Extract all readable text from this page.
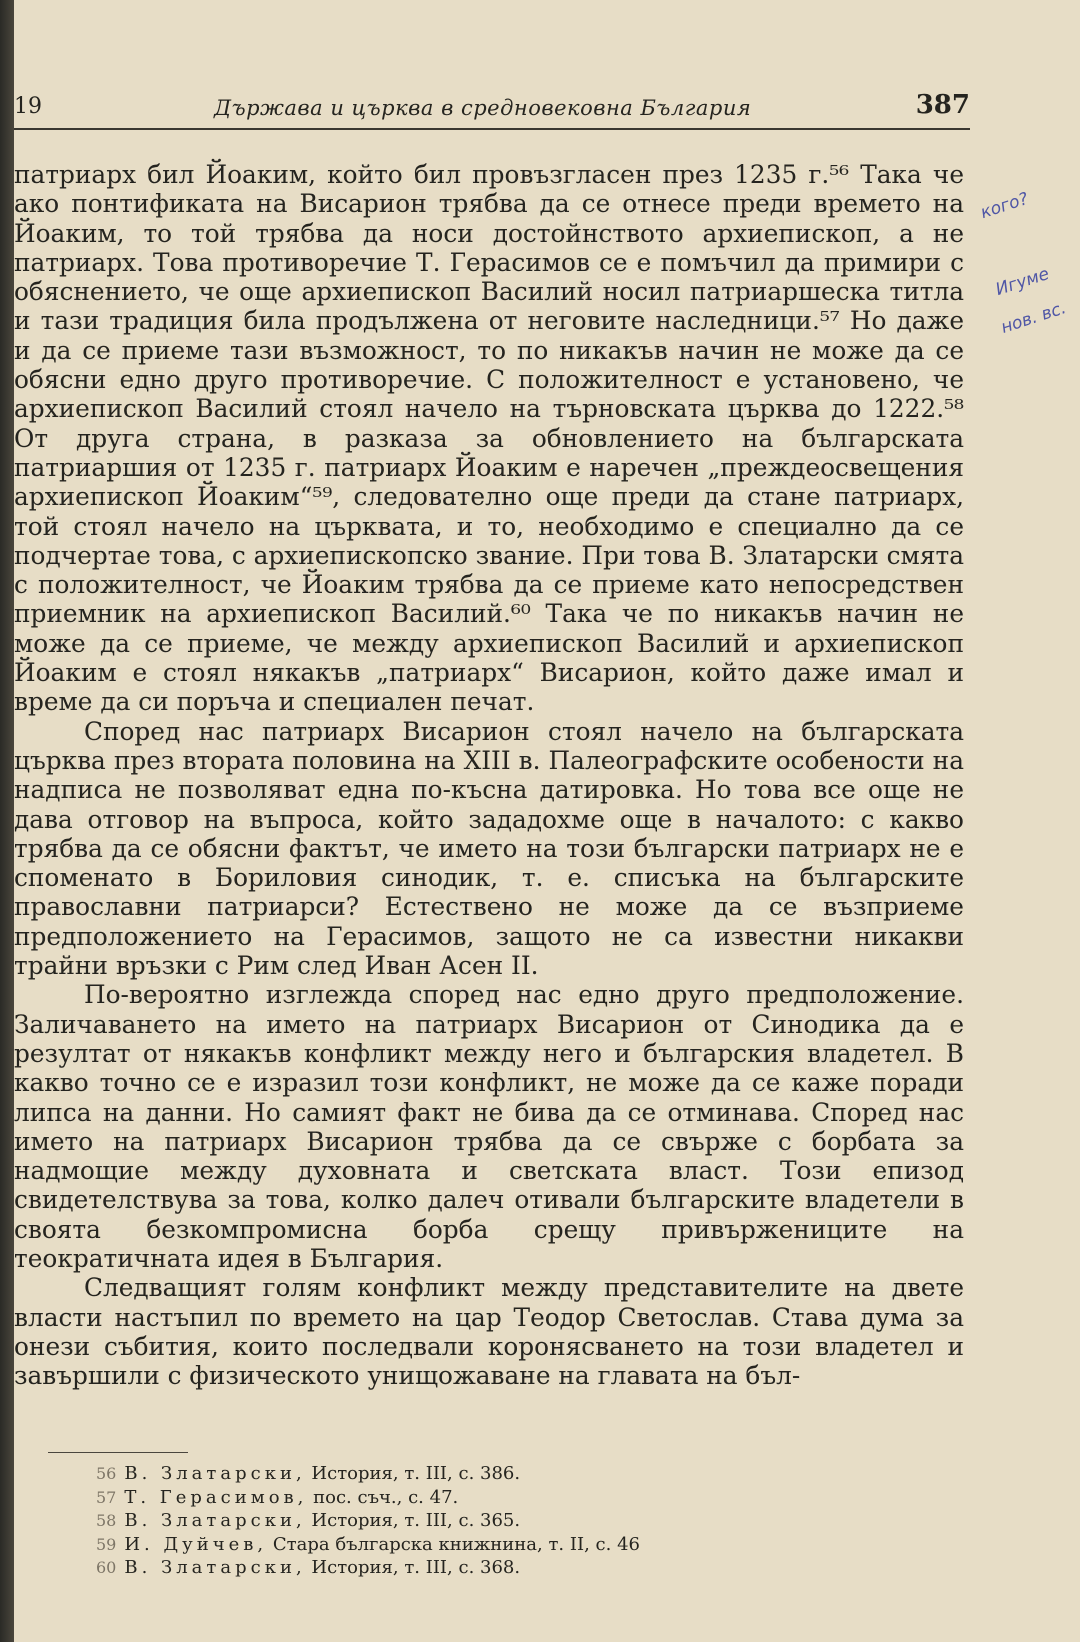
19	Държава и църква в средновековна България	387

патриарх бил Йоаким, който бил провъзгласен през 1235 г.⁵⁶ Така че ако понтификата на Висарион трябва да се отнесе преди времето на Йоаким, то той трябва да носи достойнството архиепископ, а не патриарх. Това противоречие Т. Герасимов се е помъчил да примири с обяснението, че още архиепископ Василий носил патриаршеска титла и тази традиция била продължена от неговите наследници.⁵⁷ Но даже и да се приеме тази възможност, то по никакъв начин не може да се обясни едно друго противоречие. С положителност е установено, че архиепископ Василий стоял начело на търновската църква до 1222.⁵⁸ От друга страна, в разказа за обновлението на българската патриаршия от 1235 г. патриарх Йоаким е наречен „преждеосвещения архиепископ Йоаким“⁵⁹, следователно още преди да стане патриарх, той стоял начело на църквата, и то, необходимо е специално да се подчертае това, с архиепископско звание. При това В. Златарски смята с положителност, че Йоаким трябва да се приеме като непосредствен приемник на архиепископ Василий.⁶⁰ Така че по никакъв начин не може да се приеме, че между архиепископ Василий и архиепископ Йоаким е стоял някакъв „патриарх“ Висарион, който даже имал и време да си поръча и специален печат.

Според нас патриарх Висарион стоял начело на българската църква през втората половина на XIII в. Палеографските особености на надписа не позволяват една по-късна датировка. Но това все още не дава отговор на въпроса, който зададохме още в началото: с какво трябва да се обясни фактът, че името на този български патриарх не е споменато в Бориловия синодик, т. е. списъка на българските православни патриарси? Естествено не може да се възприеме предположението на Герасимов, защото не са известни никакви трайни връзки с Рим след Иван Асен II.

По-вероятно изглежда според нас едно друго предположение. Заличаването на името на патриарх Висарион от Синодика да е резултат от някакъв конфликт между него и българския владетел. В какво точно се е изразил този конфликт, не може да се каже поради липса на данни. Но самият факт не бива да се отминава. Според нас името на патриарх Висарион трябва да се свърже с борбата за надмощие между духовната и светската власт. Този епизод свидетелствува за това, колко далеч отивали българските владетели в своята безкомпромисна борба срещу привържениците на теократичната идея в България.

Следващият голям конфликт между представителите на двете власти настъпил по времето на цар Теодор Светослав. Става дума за онези събития, които последвали коронясването на този владетел и завършили с физическото унищожаване на главата на бъл-

кого?
Игуме
нов. вс.
56 В. Златарски, История, т. III, с. 386.
57 Т. Герасимов, пос. съч., с. 47.
58 В. Златарски, История, т. III, с. 365.
59 И. Дуйчев, Стара българска книжнина, т. II, с. 46
60 В. Златарски, История, т. III, с. 368.
